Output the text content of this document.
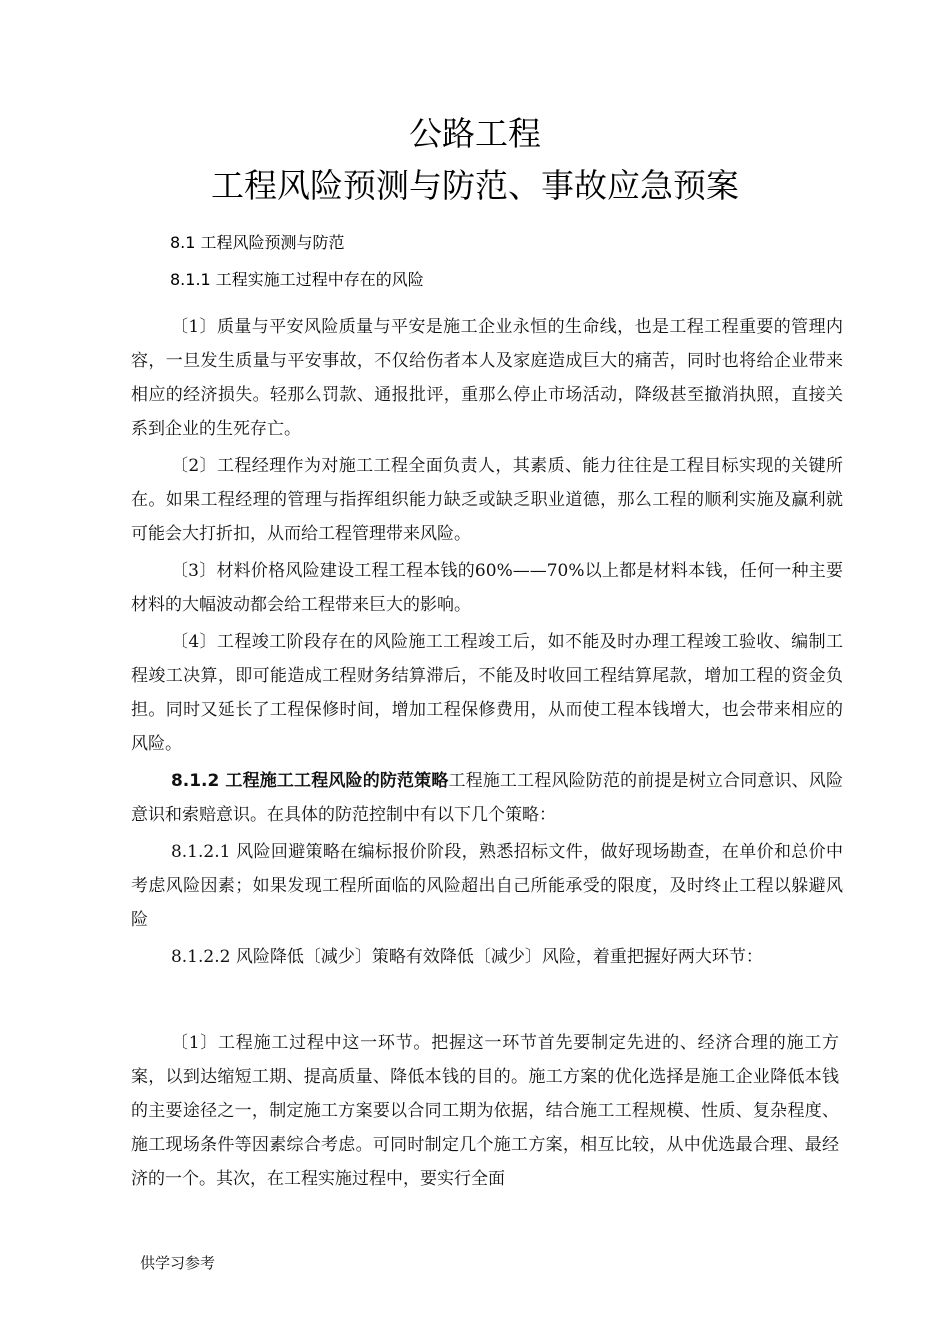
公路工程
工程风险预测与防范、事故应急预案
8.1 工程风险预测与防范
8.1.1 工程实施工过程中存在的风险

〔1〕质量与平安风险质量与平安是施工企业永恒的生命线，也是工程工程重要的管理内容，一旦发生质量与平安事故，不仅给伤者本人及家庭造成巨大的痛苦，同时也将给企业带来相应的经济损失。轻那么罚款、通报批评，重那么停止市场活动，降级甚至撤消执照，直接关系到企业的生死存亡。

〔2〕工程经理作为对施工工程全面负责人，其素质、能力往往是工程目标实现的关键所在。如果工程经理的管理与指挥组织能力缺乏或缺乏职业道德，那么工程的顺利实施及赢利就可能会大打折扣，从而给工程管理带来风险。

〔3〕材料价格风险建设工程工程本钱的60%——70%以上都是材料本钱，任何一种主要材料的大幅波动都会给工程带来巨大的影响。

〔4〕工程竣工阶段存在的风险施工工程竣工后，如不能及时办理工程竣工验收、编制工程竣工决算，即可能造成工程财务结算滞后，不能及时收回工程结算尾款，增加工程的资金负担。同时又延长了工程保修时间，增加工程保修费用，从而使工程本钱增大，也会带来相应的风险。

8.1.2 工程施工工程风险的防范策略工程施工工程风险防范的前提是树立合同意识、风险意识和索赔意识。在具体的防范控制中有以下几个策略：

8.1.2.1 风险回避策略在编标报价阶段，熟悉招标文件，做好现场勘查，在单价和总价中考虑风险因素；如果发现工程所面临的风险超出自己所能承受的限度，及时终止工程以躲避风险

8.1.2.2 风险降低〔减少〕策略有效降低〔减少〕风险，着重把握好两大环节：

〔1〕工程施工过程中这一环节。把握这一环节首先要制定先进的、经济合理的施工方案，以到达缩短工期、提高质量、降低本钱的目的。施工方案的优化选择是施工企业降低本钱的主要途径之一，制定施工方案要以合同工期为依据，结合施工工程规模、性质、复杂程度、施工现场条件等因素综合考虑。可同时制定几个施工方案，相互比较，从中优选最合理、最经济的一个。其次，在工程实施过程中，要实行全面

供学习参考
